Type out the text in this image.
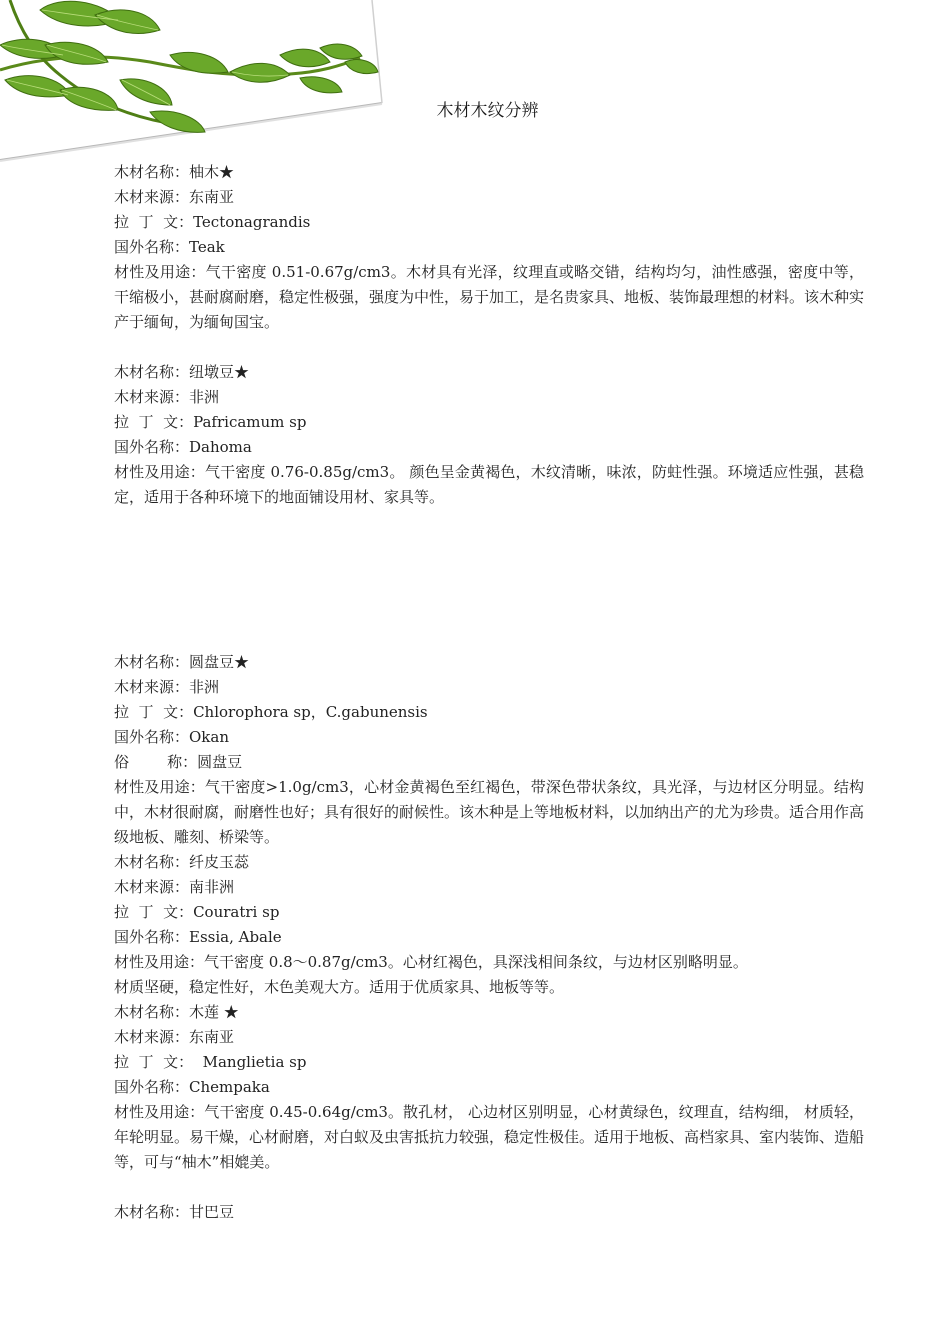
木材木纹分辨

木材名称：柚木★

木材来源：东南亚

拉  丁  文：Tectonagrandis

国外名称：Teak

材性及用途：气干密度 0.51-0.67g/cm3。木材具有光泽，纹理直或略交错，结构均匀，油性感强，密度中等，干缩极小，甚耐腐耐磨，稳定性极强，强度为中性，易于加工，是名贵家具、地板、装饰最理想的材料。该木种实产于缅甸，为缅甸国宝。

木材名称：纽墩豆★

木材来源：非洲

拉  丁  文：Pafricamum sp

国外名称：Dahoma

材性及用途：气干密度 0.76-0.85g/cm3。 颜色呈金黄褐色，木纹清晰，味浓，防蛀性强。环境适应性强，甚稳定，适用于各种环境下的地面铺设用材、家具等。

木材名称：圆盘豆★

木材来源：非洲

拉  丁  文：Chlorophora sp，C.gabunensis

国外名称：Okan

俗        称：圆盘豆

材性及用途：气干密度>1.0g/cm3，心材金黄褐色至红褐色，带深色带状条纹，具光泽，与边材区分明显。结构中，木材很耐腐，耐磨性也好；具有很好的耐候性。该木种是上等地板材料，以加纳出产的尤为珍贵。适合用作高级地板、雕刻、桥梁等。

木材名称：纤皮玉蕊

木材来源：南非洲

拉  丁  文：Couratri sp

国外名称：Essia, Abale

材性及用途：气干密度 0.8～0.87g/cm3。心材红褐色，具深浅相间条纹，与边材区别略明显。

材质坚硬，稳定性好，木色美观大方。适用于优质家具、地板等等。

木材名称：木莲 ★

木材来源：东南亚

拉  丁  文：  Manglietia sp

国外名称：Chempaka

材性及用途：气干密度 0.45-0.64g/cm3。散孔材， 心边材区别明显，心材黄绿色，纹理直，结构细， 材质轻，年轮明显。易干燥，心材耐磨，对白蚁及虫害抵抗力较强，稳定性极佳。适用于地板、高档家具、室内装饰、造船等，可与“柚木”相媲美。

木材名称：甘巴豆
